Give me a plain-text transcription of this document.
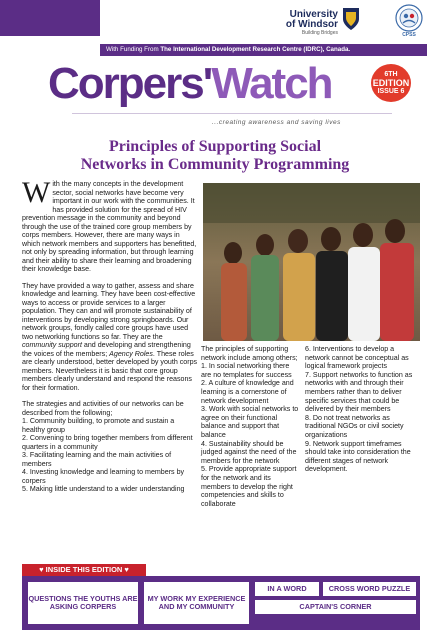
University of Windsor
Building Bridges	CPSS
With Funding From The International Development Research Centre (IDRC), Canada.
Corpers'Watch	6TH
EDITION
ISSUE 6
...creating awareness and saving lives
Principles of Supporting Social
Networks in Community Programming

With the many concepts in the development sector, social networks have become very important in our work with the communities. It has provided solution for the spread of HIV prevention message in the community and beyond through the use of the trained core group members by corps members. However, there are many ways in which network members and supporters has benefitted, not only by spreading information, but through learning and their ability to share their learning and broadening their knowledge base.

They have provided a way to gather, assess and share knowledge and learning. They have been cost-effective ways to access or provide services to a larger population. They can and will promote sustainability of interventions by developing strong springboards. Our network groups, fondly called core groups have used two networking functions so far. They are the community support and developing and strengthening the voices of the members; Agency Roles. These roles are clearly understood, better developed by youth corps members. Nevertheless it is basic that core group members clearly understand and respond the reasons for their formation.

The strategies and activities of our networks can be described from the following;

1. Community building, to promote and sustain a healthy group
2. Convening to bring together members from different quarters in a community
3. Facilitating learning and the main activities of members
4. Investing knowledge and learning to members by corpers
5. Making little understand to a wider understanding
The principles of supporting network include among others;
1. In social networking there are no templates for success
2. A culture of knowledge and learning is a cornerstone of network development
3. Work with social networks to agree on their functional balance and support that balance
4. Sustainability should be judged against the need of the members for the network
5. Provide appropriate support for the network and its members to develop the right competencies and skills to collaborate
6. Interventions to develop a network cannot be conceptual as logical framework projects
7. Support networks to function as networks with and through their members rather than to deliver specific services that could be delivered by their members
8. Do not treat networks as traditional NGOs or civil society organizations
9. Network support timeframes should take into consideration the different stages of network development.
♥ INSIDE THIS EDITION ♥
QUESTIONS THE YOUTHS ARE ASKING CORPERS
MY WORK MY EXPERIENCE AND MY COMMUNITY
IN A WORD	CROSS WORD PUZZLE
CAPTAIN'S CORNER
